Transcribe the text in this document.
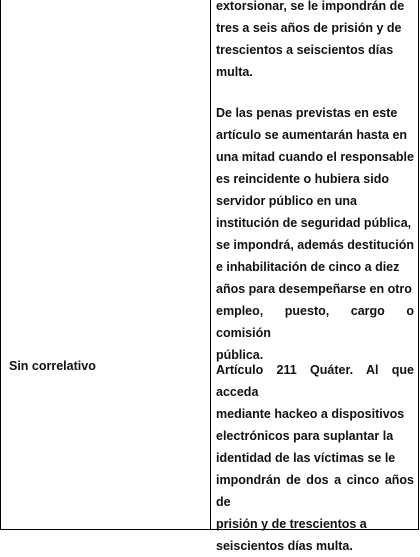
Sin correlativo
extorsionar, se le impondrán de
tres a seis años de prisión y de
trescientos a seiscientos días
multa.
De las penas previstas en este
artículo se aumentarán hasta en
una mitad cuando el responsable
es reincidente o hubiera sido
servidor público en una
institución de seguridad pública,
se impondrá, además destitución
e inhabilitación de cinco a diez
años para desempeñarse en otro
empleo, puesto, cargo o comisión
pública.
Artículo 211 Quáter. Al que acceda
mediante hackeo a dispositivos
electrónicos para suplantar la
identidad de las víctimas se le
impondrán de dos a cinco años de
prisión y de trescientos a
seiscientos días multa.
